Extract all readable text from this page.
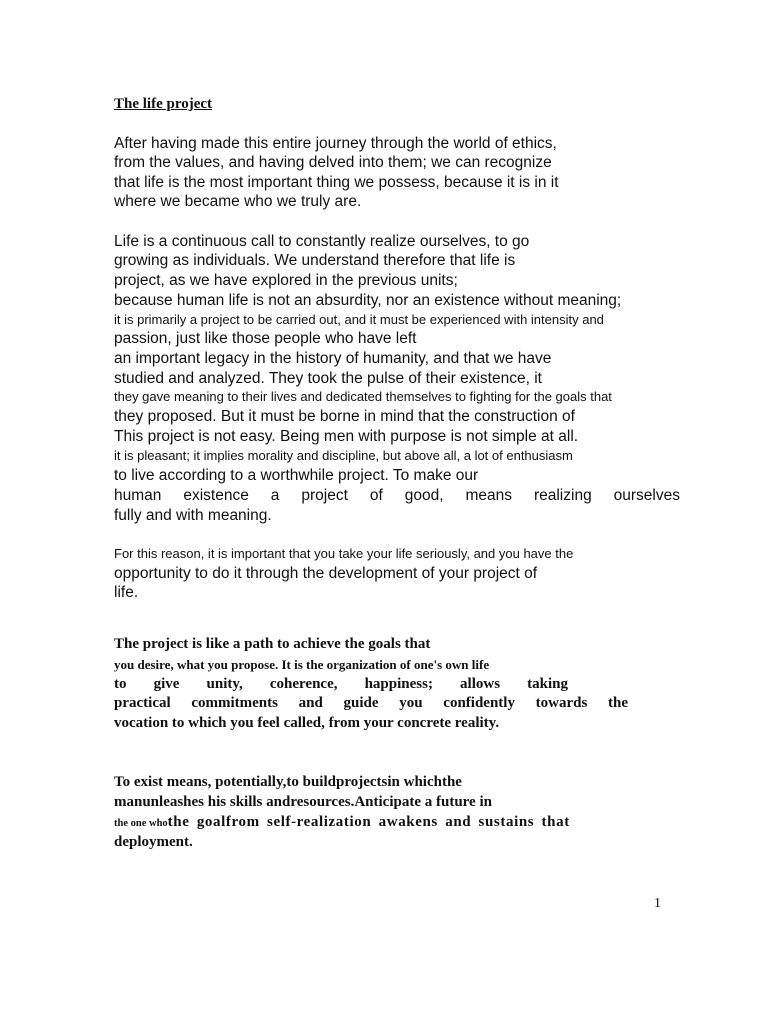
The life project

After having made this entire journey through the world of ethics,

from the values, and having delved into them; we can recognize

that life is the most important thing we possess, because it is in it

where we became who we truly are.

Life is a continuous call to constantly realize ourselves, to go

growing as individuals. We understand therefore that life is

project, as we have explored in the previous units;

because human life is not an absurdity, nor an existence without meaning;

it is primarily a project to be carried out, and it must be experienced with intensity and

passion, just like those people who have left

an important legacy in the history of humanity, and that we have

studied and analyzed. They took the pulse of their existence, it

they gave meaning to their lives and dedicated themselves to fighting for the goals that

they proposed. But it must be borne in mind that the construction of

This project is not easy. Being men with purpose is not simple at all.

it is pleasant; it implies morality and discipline, but above all, a lot of enthusiasm

to live according to a worthwhile project. To make our

human existence a project of good, means realizing ourselves

fully and with meaning.

For this reason, it is important that you take your life seriously, and you have the

opportunity to do it through the development of your project of

life.

The project is like a path to achieve the goals that

you desire, what you propose. It is the organization of one's own life

to give unity, coherence, happiness; allows taking

practical commitments and guide you confidently towards the

vocation to which you feel called, from your concrete reality.

To exist means, potentially,to buildprojectsin whichthe

manunleashes his skills andresources.Anticipate a future in

the one whothe goalfrom self-realization awakens and sustains that

deployment.

1
